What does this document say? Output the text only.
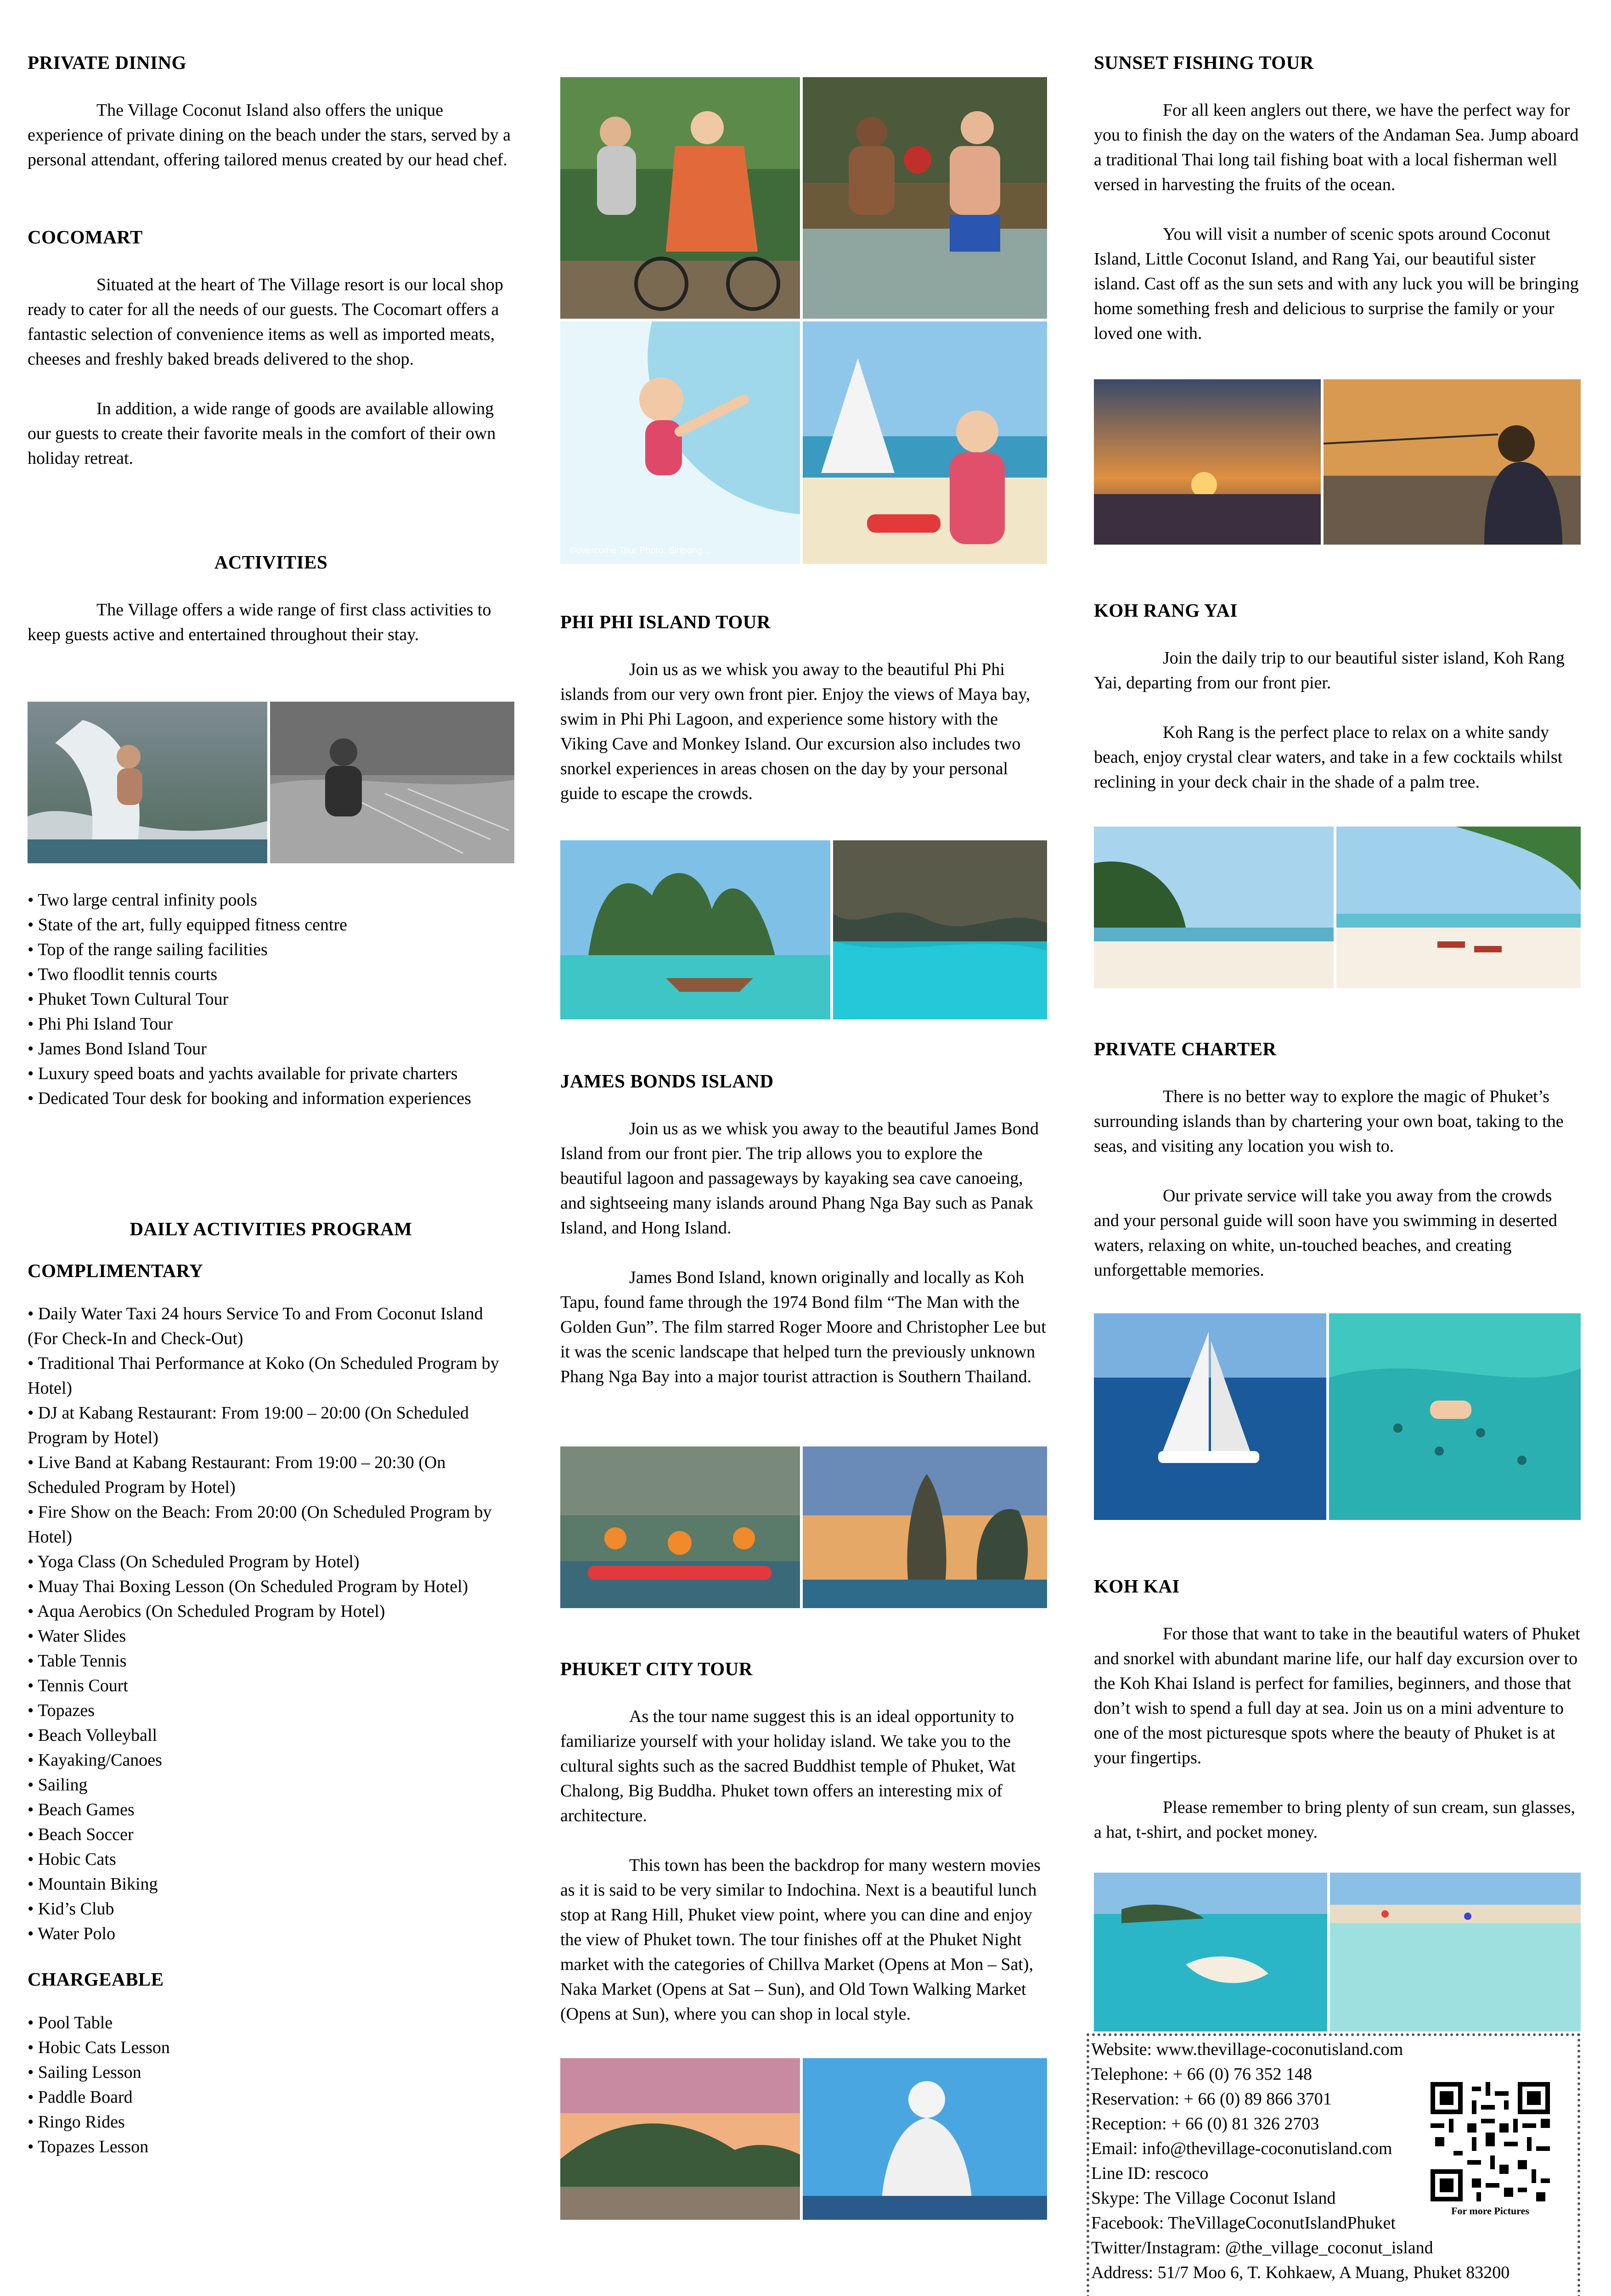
PRIVATE DINING

The Village Coconut Island also offers the unique experience of private dining on the beach under the stars, served by a personal attendant, offering tailored menus created by our head chef.

COCOMART

Situated at the heart of The Village resort is our local shop ready to cater for all the needs of our guests. The Cocomart offers a fantastic selection of convenience items as well as imported meats, cheeses and freshly baked breads delivered to the shop.

In addition, a wide range of goods are available allowing our guests to create their favorite meals in the comfort of their own holiday retreat.

ACTIVITIES

The Village offers a wide range of first class activities to keep guests active and entertained throughout their stay.

• Two large central infinity pools
• State of the art, fully equipped fitness centre
• Top of the range sailing facilities
• Two floodlit tennis courts
• Phuket Town Cultural Tour
• Phi Phi Island Tour
• James Bond Island Tour
• Luxury speed boats and yachts available for private charters
• Dedicated Tour desk for booking and information experiences
DAILY ACTIVITIES PROGRAM
COMPLIMENTARY
• Daily Water Taxi 24 hours Service To and From Coconut Island (For Check-In and Check-Out)
• Traditional Thai Performance at Koko (On Scheduled Program by Hotel)
• DJ at Kabang Restaurant: From 19:00 – 20:00 (On Scheduled Program by Hotel)
• Live Band at Kabang Restaurant: From 19:00 – 20:30 (On Scheduled Program by Hotel)
• Fire Show on the Beach: From 20:00 (On Scheduled Program by Hotel)
• Yoga Class (On Scheduled Program by Hotel)
• Muay Thai Boxing Lesson (On Scheduled Program by Hotel)
• Aqua Aerobics (On Scheduled Program by Hotel)
• Water Slides
• Table Tennis
• Tennis Court
• Topazes
• Beach Volleyball
• Kayaking/Canoes
• Sailing
• Beach Games
• Beach Soccer
• Hobic Cats
• Mountain Biking
• Kid’s Club
• Water Polo
CHARGEABLE
• Pool Table
• Hobic Cats Lesson
• Sailing Lesson
• Paddle Board
• Ringo Rides
• Topazes Lesson
©overcome Tour Photo: Siripong...
PHI PHI ISLAND TOUR

Join us as we whisk you away to the beautiful Phi Phi islands from our very own front pier. Enjoy the views of Maya bay, swim in Phi Phi Lagoon, and experience some history with the Viking Cave and Monkey Island. Our excursion also includes two snorkel experiences in areas chosen on the day by your personal guide to escape the crowds.

JAMES BONDS ISLAND

Join us as we whisk you away to the beautiful James Bond Island from our front pier. The trip allows you to explore the beautiful lagoon and passageways by kayaking sea cave canoeing, and sightseeing many islands around Phang Nga Bay such as Panak Island, and Hong Island.

James Bond Island, known originally and locally as Koh Tapu, found fame through the 1974 Bond film “The Man with the Golden Gun”. The film starred Roger Moore and Christopher Lee but it was the scenic landscape that helped turn the previously unknown Phang Nga Bay into a major tourist attraction is Southern Thailand.

PHUKET CITY TOUR

As the tour name suggest this is an ideal opportunity to familiarize yourself with your holiday island. We take you to the cultural sights such as the sacred Buddhist temple of Phuket, Wat Chalong, Big Buddha. Phuket town offers an interesting mix of architecture.

This town has been the backdrop for many western movies as it is said to be very similar to Indochina. Next is a beautiful lunch stop at Rang Hill, Phuket view point, where you can dine and enjoy the view of Phuket town. The tour finishes off at the Phuket Night market with the categories of Chillva Market (Opens at Mon – Sat), Naka Market (Opens at Sat – Sun), and Old Town Walking Market (Opens at Sun), where you can shop in local style.

SUNSET FISHING TOUR

For all keen anglers out there, we have the perfect way for you to finish the day on the waters of the Andaman Sea. Jump aboard a traditional Thai long tail fishing boat with a local fisherman well versed in harvesting the fruits of the ocean.

You will visit a number of scenic spots around Coconut Island, Little Coconut Island, and Rang Yai, our beautiful sister island. Cast off as the sun sets and with any luck you will be bringing home something fresh and delicious to surprise the family or your loved one with.

KOH RANG YAI

Join the daily trip to our beautiful sister island, Koh Rang Yai, departing from our front pier.

Koh Rang is the perfect place to relax on a white sandy beach, enjoy crystal clear waters, and take in a few cocktails whilst reclining in your deck chair in the shade of a palm tree.

PRIVATE CHARTER

There is no better way to explore the magic of Phuket’s surrounding islands than by chartering your own boat, taking to the seas, and visiting any location you wish to.

Our private service will take you away from the crowds and your personal guide will soon have you swimming in deserted waters, relaxing on white, un-touched beaches, and creating unforgettable memories.

KOH KAI

For those that want to take in the beautiful waters of Phuket and snorkel with abundant marine life, our half day excursion over to the Koh Khai Island is perfect for families, beginners, and those that don’t wish to spend a full day at sea. Join us on a mini adventure to one of the most picturesque spots where the beauty of Phuket is at your fingertips.

Please remember to bring plenty of sun cream, sun glasses, a hat, t-shirt, and pocket money.

Website: www.thevillage-coconutisland.com

Telephone: + 66 (0) 76 352 148

Reservation: + 66 (0) 89 866 3701

Reception: + 66 (0) 81 326 2703

Email: info@thevillage-coconutisland.com

Line ID: rescoco

Skype: The Village Coconut Island

Facebook: TheVillageCoconutIslandPhuket

Twitter/Instagram: @the_village_coconut_island

Address: 51/7 Moo 6, T. Kohkaew, A Muang, Phuket 83200

For more Pictures
